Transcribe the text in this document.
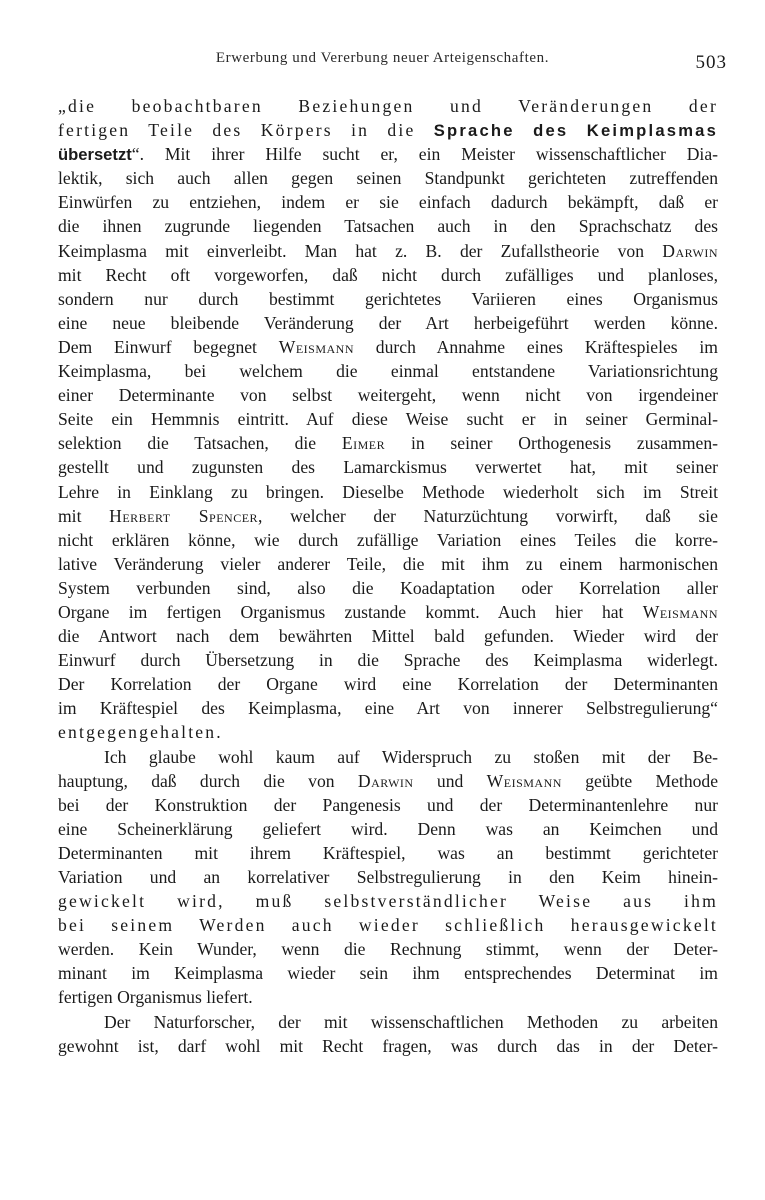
Erwerbung und Vererbung neuer Arteigenschaften.	503
„die beobachtbaren Beziehungen und Veränderungen der
fertigen Teile des Körpers in die Sprache des Keimplasmas
übersetzt“. Mit ihrer Hilfe sucht er, ein Meister wissenschaftlicher Dia-
lektik, sich auch allen gegen seinen Standpunkt gerichteten zutreffenden
Einwürfen zu entziehen, indem er sie einfach dadurch bekämpft, daß er
die ihnen zugrunde liegenden Tatsachen auch in den Sprachschatz des
Keimplasma mit einverleibt. Man hat z. B. der Zufallstheorie von Darwin
mit Recht oft vorgeworfen, daß nicht durch zufälliges und planloses,
sondern nur durch bestimmt gerichtetes Variieren eines Organismus
eine neue bleibende Veränderung der Art herbeigeführt werden könne.
Dem Einwurf begegnet Weismann durch Annahme eines Kräftespieles im
Keimplasma, bei welchem die einmal entstandene Variationsrichtung
einer Determinante von selbst weitergeht, wenn nicht von irgendeiner
Seite ein Hemmnis eintritt. Auf diese Weise sucht er in seiner Germinal-
selektion die Tatsachen, die Eimer in seiner Orthogenesis zusammen-
gestellt und zugunsten des Lamarckismus verwertet hat, mit seiner
Lehre in Einklang zu bringen. Dieselbe Methode wiederholt sich im Streit
mit Herbert Spencer, welcher der Naturzüchtung vorwirft, daß sie
nicht erklären könne, wie durch zufällige Variation eines Teiles die korre-
lative Veränderung vieler anderer Teile, die mit ihm zu einem harmonischen
System verbunden sind, also die Koadaptation oder Korrelation aller
Organe im fertigen Organismus zustande kommt. Auch hier hat Weismann
die Antwort nach dem bewährten Mittel bald gefunden. Wieder wird der
Einwurf durch Übersetzung in die Sprache des Keimplasma widerlegt.
Der Korrelation der Organe wird eine Korrelation der Determinanten
im Kräftespiel des Keimplasma, eine Art von innerer Selbstregulierung“
entgegengehalten.
Ich glaube wohl kaum auf Widerspruch zu stoßen mit der Be-
hauptung, daß durch die von Darwin und Weismann geübte Methode
bei der Konstruktion der Pangenesis und der Determinantenlehre nur
eine Scheinerklärung geliefert wird. Denn was an Keimchen und
Determinanten mit ihrem Kräftespiel, was an bestimmt gerichteter
Variation und an korrelativer Selbstregulierung in den Keim hinein-
gewickelt wird, muß selbstverständlicher Weise aus ihm
bei seinem Werden auch wieder schließlich herausgewickelt
werden. Kein Wunder, wenn die Rechnung stimmt, wenn der Deter-
minant im Keimplasma wieder sein ihm entsprechendes Determinat im
fertigen Organismus liefert.
Der Naturforscher, der mit wissenschaftlichen Methoden zu arbeiten
gewohnt ist, darf wohl mit Recht fragen, was durch das in der Deter-
